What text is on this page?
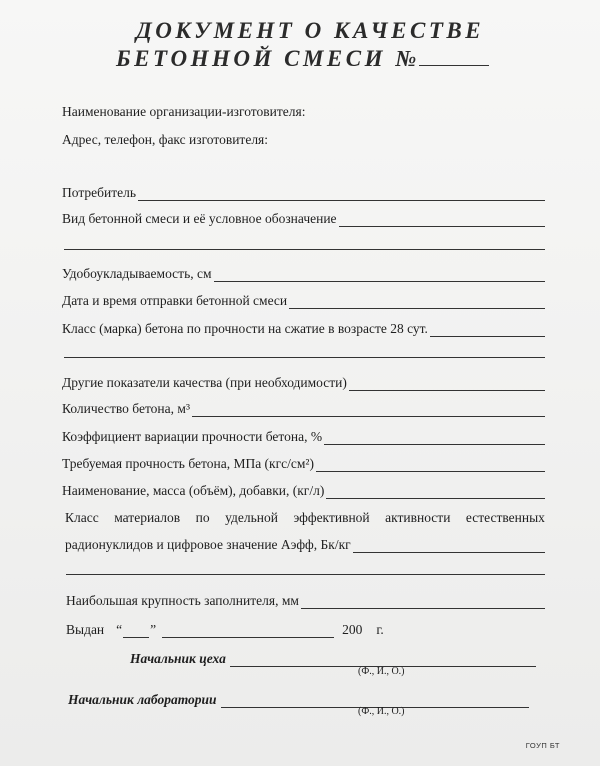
ДОКУМЕНТ О КАЧЕСТВЕ
БЕТОННОЙ СМЕСИ №
Наименование организации-изготовителя:
Адрес, телефон, факс изготовителя:
Потребитель
Вид бетонной смеси и её условное обозначение
Удобоукладываемость, см
Дата и время отправки бетонной смеси
Класс (марка) бетона по прочности на сжатие в возрасте 28 сут.
Другие показатели качества (при необходимости)
Количество бетона, м³
Коэффициент вариации прочности бетона, %
Требуемая прочность бетона, МПа (кгс/см²)
Наименование, масса (объём), добавки, (кг/л)
Класс материалов по удельной эффективной активности естественных
радионуклидов и цифровое значение Аэфф, Бк/кг
Наибольшая крупность заполнителя, мм
Выдан “ ”	200 г.
Начальник цеха
(Ф., И., О.)
Начальник лаборатории
(Ф., И., О.)
ГОУП БТ
